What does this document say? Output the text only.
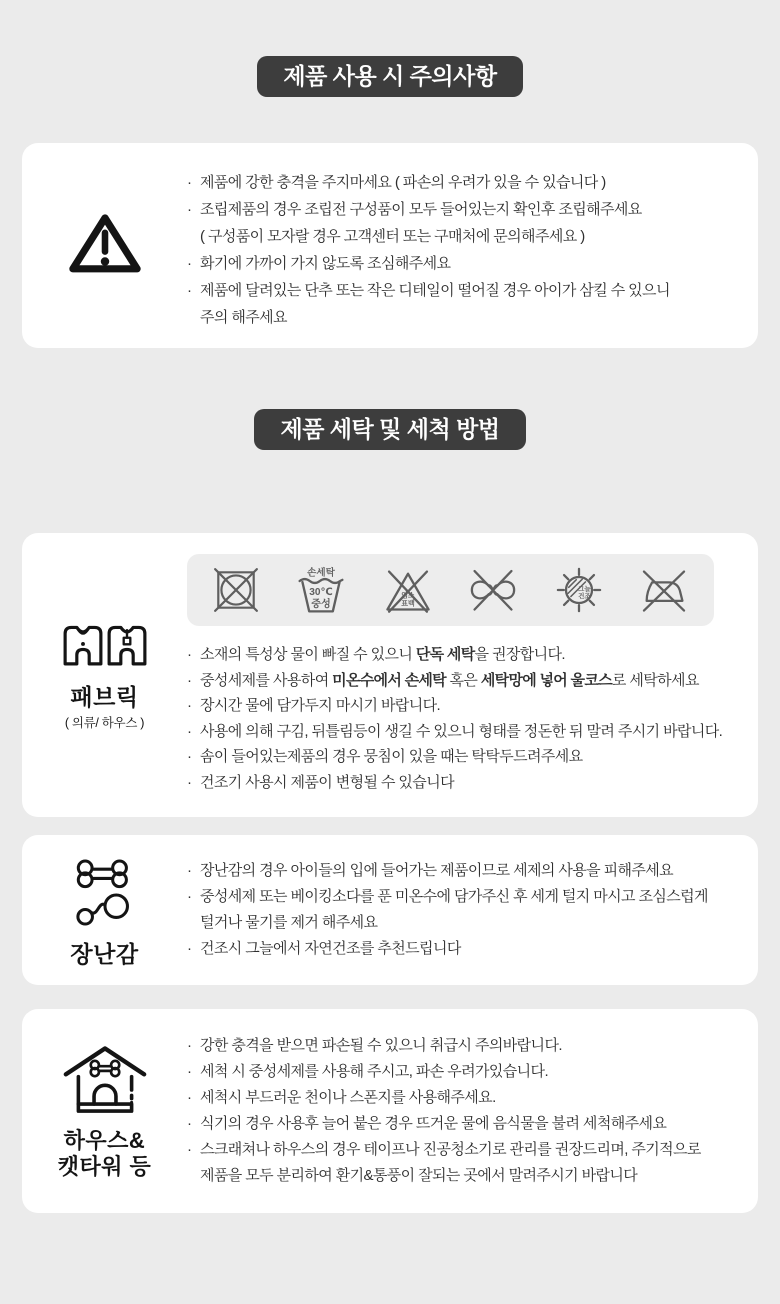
제품 사용 시 주의사항
· 제품에 강한 충격을 주지마세요 ( 파손의 우려가 있을 수 있습니다 )
· 조립제품의 경우 조립전 구성품이 모두 들어있는지 확인후 조립해주세요
( 구성품이 모자랄 경우 고객센터 또는 구매처에 문의해주세요 )
· 화기에 가까이 가지 않도록 조심해주세요
· 제품에 달려있는 단추 또는 작은 디테일이 떨어질 경우 아이가 삼킬 수 있으니
주의 해주세요
제품 세탁 및 세척 방법
패브릭
( 의류/ 하우스 )
손세탁
30℃
중성
염소
표백
그늘
건조
· 소재의 특성상 물이 빠질 수 있으니 단독 세탁을 권장합니다.
· 중성세제를 사용하여 미온수에서 손세탁 혹은 세탁망에 넣어 울코스로 세탁하세요
· 장시간 물에 담가두지 마시기 바랍니다.
· 사용에 의해 구김, 뒤틀림등이 생길 수 있으니 형태를 정돈한 뒤 말려 주시기 바랍니다.
· 솜이 들어있는제품의 경우 뭉침이 있을 때는 탁탁두드려주세요
· 건조기 사용시 제품이 변형될 수 있습니다
장난감
· 장난감의 경우 아이들의 입에 들어가는 제품이므로 세제의 사용을 피해주세요
· 중성세제 또는 베이킹소다를 푼 미온수에 담가주신 후 세게 털지 마시고 조심스럽게
털거나 물기를 제거 해주세요
· 건조시 그늘에서 자연건조를 추천드립니다
하우스&
캣타워 등
· 강한 충격을 받으면 파손될 수 있으니 취급시 주의바랍니다.
· 세척 시 중성세제를 사용해 주시고, 파손 우려가있습니다.
· 세척시 부드러운 천이나 스폰지를 사용해주세요.
· 식기의 경우 사용후 늘어 붙은 경우 뜨거운 물에 음식물을 불려 세척해주세요
· 스크래쳐나 하우스의 경우 테이프나 진공청소기로 관리를 권장드리며, 주기적으로
제품을 모두 분리하여 환기&통풍이 잘되는 곳에서 말려주시기 바랍니다
